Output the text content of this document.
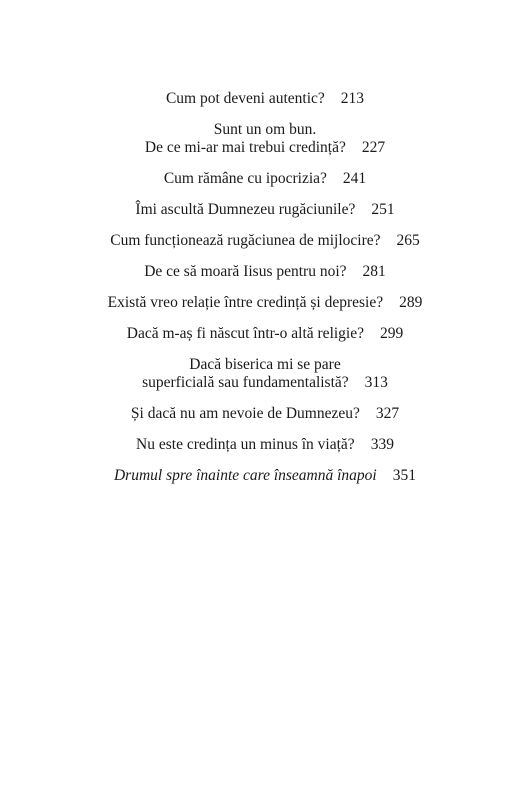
Cum pot deveni autentic? 213
Sunt un om bun.
De ce mi-ar mai trebui credință? 227
Cum rămâne cu ipocrizia? 241
Îmi ascultă Dumnezeu rugăciunile? 251
Cum funcționează rugăciunea de mijlocire? 265
De ce să moară Iisus pentru noi? 281
Există vreo relație între credință și depresie? 289
Dacă m-aș fi născut într-o altă religie? 299
Dacă biserica mi se pare
superficială sau fundamentalistă? 313
Și dacă nu am nevoie de Dumnezeu? 327
Nu este credința un minus în viață? 339
Drumul spre înainte care înseamnă înapoi 351
